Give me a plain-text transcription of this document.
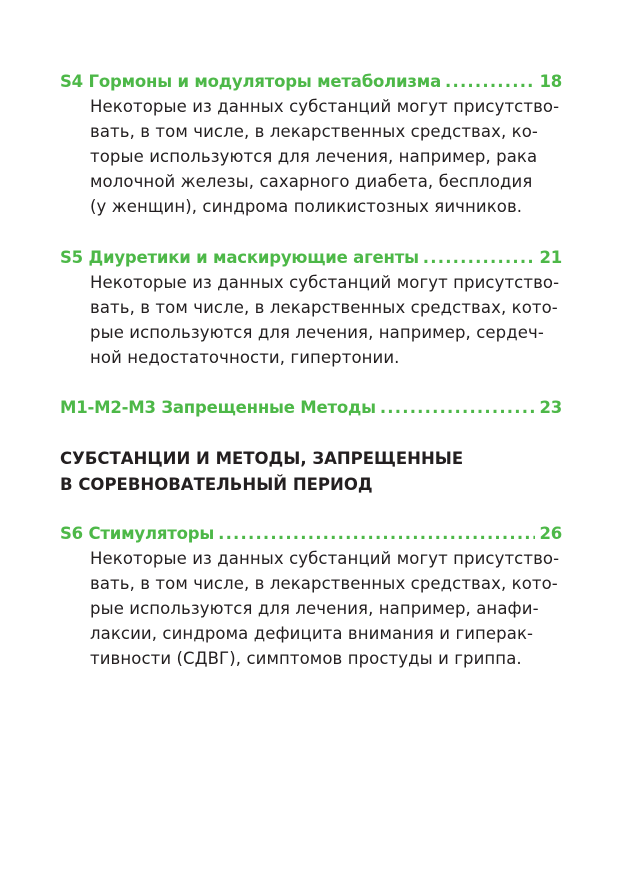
S4 Гормоны и модуляторы метаболизма .....	18
Некоторые из данных субстанций могут присутство-
вать, в том числе, в лекарственных средствах, ко-
торые используются для лечения, например, рака
молочной железы, сахарного диабета, бесплодия
(у женщин), синдрома поликистозных яичников.
S5 Диуретики и маскирующие агенты .....	21
Некоторые из данных субстанций могут присутство-
вать, в том числе, в лекарственных средствах, кото-
рые используются для лечения, например, сердеч-
ной недостаточности, гипертонии.
M1-M2-M3 Запрещенные Методы .....	23
СУБСТАНЦИИ И МЕТОДЫ, ЗАПРЕЩЕННЫЕ
В СОРЕВНОВАТЕЛЬНЫЙ ПЕРИОД
S6 Стимуляторы .....	26
Некоторые из данных субстанций могут присутство-
вать, в том числе, в лекарственных средствах, кото-
рые используются для лечения, например, анафи-
лаксии, синдрома дефицита внимания и гиперак-
тивности (СДВГ), симптомов простуды и гриппа.
